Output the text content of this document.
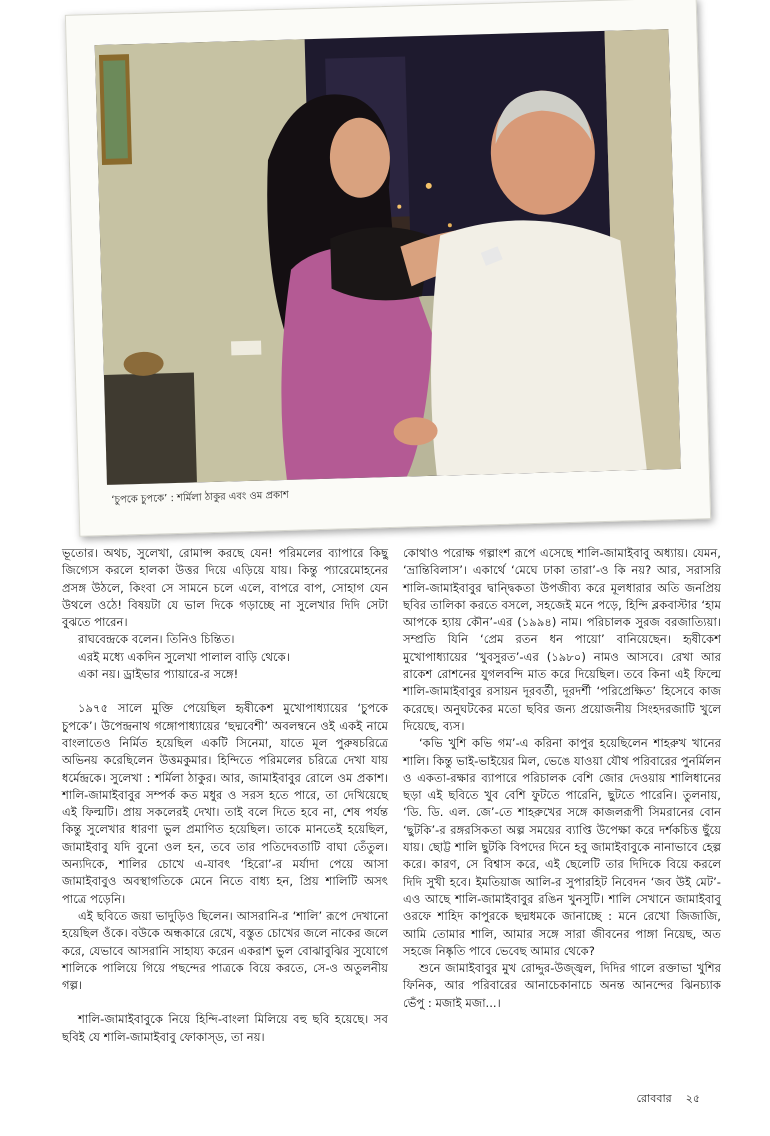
‘চুপকে চুপকে’ : শর্মিলা ঠাকুর এবং ওম প্রকাশ

ভূতোর। অথচ, সুলেখা, রোমান্স করছে যেন! পরিমলের ব্যাপারে কিছু জিগ্যেস করলে হালকা উত্তর দিয়ে এড়িয়ে যায়। কিন্তু প্যারেমোহনের প্রসঙ্গ উঠলে, কিংবা সে সামনে চলে এলে, বাপরে বাপ, সোহাগ যেন উথলে ওঠে! বিষয়টা যে ভাল দিকে গড়াচ্ছে না সুলেখার দিদি সেটা বুঝতে পারেন।

রাঘবেন্দ্রকে বলেন। তিনিও চিন্তিত।

এরই মধ্যে একদিন সুলেখা পালাল বাড়ি থেকে।

একা নয়। ড্রাইভার প্যায়ারে-র সঙ্গে!

১৯৭৫ সালে মুক্তি পেয়েছিল হৃষীকেশ মুখোপাধ্যায়ের ‘চুপকে চুপকে’। উপেন্দ্রনাথ গঙ্গোপাধ্যায়ের ‘ছদ্মবেশী’ অবলম্বনে ওই একই নামে বাংলাতেও নির্মিত হয়েছিল একটি সিনেমা, যাতে মূল পুরুষচরিত্রে অভিনয় করেছিলেন উত্তমকুমার। হিন্দিতে পরিমলের চরিত্রে দেখা যায় ধর্মেন্দ্রকে। সুলেখা : শর্মিলা ঠাকুর। আর, জামাইবাবুর রোলে ওম প্রকাশ। শালি-জামাইবাবুর সম্পর্ক কত মধুর ও সরস হতে পারে, তা দেখিয়েছে এই ফিল্মটি। প্রায় সকলেরই দেখা। তাই বলে দিতে হবে না, শেষ পর্যন্ত কিন্তু সুলেখার ধারণা ভুল প্রমাণিত হয়েছিল। তাকে মানতেই হয়েছিল, জামাইবাবু যদি বুনো ওল হন, তবে তার পতিদেবতাটি বাঘা তেঁতুল। অন্যদিকে, শালির চোখে এ-যাবৎ ‘হিরো’-র মর্যাদা পেয়ে আসা জামাইবাবুও অবস্থাগতিকে মেনে নিতে বাধ্য হন, প্রিয় শালিটি অসৎ পাত্রে পড়েনি।

এই ছবিতে জয়া ভাদুড়িও ছিলেন। আসরানি-র ‘শালি’ রূপে দেখানো হয়েছিল ওঁকে। বউকে অন্ধকারে রেখে, বস্তুত চোখের জলে নাকের জলে করে, যেভাবে আসরানি সাহায্য করেন একরাশ ভুল বোঝাবুঝির সুযোগে শালিকে পালিয়ে গিয়ে পছন্দের পাত্রকে বিয়ে করতে, সে-ও অতুলনীয় গল্প।

শালি-জামাইবাবুকে নিয়ে হিন্দি-বাংলা মিলিয়ে বহু ছবি হয়েছে। সব ছবিই যে শালি-জামাইবাবু ফোকাস্‌ড, তা নয়।

কোথাও পরোক্ষ গল্পাংশ রূপে এসেছে শালি-জামাইবাবু অধ্যায়। যেমন, ‘ভ্রান্তিবিলাস’। একার্থে ‘মেঘে ঢাকা তারা’-ও কি নয়? আর, সরাসরি শালি-জামাইবাবুর দ্বান্দ্বিকতা উপজীব্য করে মূলধারার অতি জনপ্রিয় ছবির তালিকা করতে বসলে, সহজেই মনে পড়ে, হিন্দি ব্লকবাস্টার ‘হাম আপকে হ্যায় কৌন’-এর (১৯৯৪) নাম। পরিচালক সুরজ বরজাত্যিয়া। সম্প্রতি যিনি ‘প্রেম রতন ধন পায়ো’ বানিয়েছেন। হৃষীকেশ মুখোপাধ্যায়ের ‘খুবসুরত’-এর (১৯৮০) নামও আসবে। রেখা আর রাকেশ রোশনের যুগলবন্দি মাত করে দিয়েছিল। তবে কিনা এই ফিল্মে শালি-জামাইবাবুর রসায়ন দূরবর্তী, দূরদর্শী ‘পরিপ্রেক্ষিত’ হিসেবে কাজ করেছে। অনুঘটকের মতো ছবির জন্য প্রয়োজনীয় সিংহদরজাটি খুলে দিয়েছে, ব্যস।

‘কভি খুশি কভি গম’-এ করিনা কাপুর হয়েছিলেন শাহরুখ খানের শালি। কিন্তু ভাই-ভাইয়ের মিল, ভেঙে যাওয়া যৌথ পরিবারের পুনর্মিলন ও একতা-রক্ষার ব্যাপারে পরিচালক বেশি জোর দেওয়ায় শালিধানের ছড়া এই ছবিতে খুব বেশি ফুটতে পারেনি, ছুটতে পারেনি। তুলনায়, ‘ডি. ডি. এল. জে’-তে শাহরুখের সঙ্গে কাজলরূপী সিমরানের বোন ‘ছুটকি’-র রঙ্গরসিকতা অল্প সময়ের ব্যাপ্তি উপেক্ষা করে দর্শকচিত্ত ছুঁয়ে যায়। ছোট্ট শালি ছুটকি বিপদের দিনে হবু জামাইবাবুকে নানাভাবে হেল্প করে। কারণ, সে বিশ্বাস করে, এই ছেলেটি তার দিদিকে বিয়ে করলে দিদি সুখী হবে। ইমতিয়াজ আলি-র সুপারহিট নিবেদন ‘জব উই মেট’-এও আছে শালি-জামাইবাবুর রঙিন খুনসুটি। শালি সেখানে জামাইবাবু ওরফে শাহিদ কাপুরকে ছদ্মধমকে জানাচ্ছে : মনে রেখো জিজাজি, আমি তোমার শালি, আমার সঙ্গে সারা জীবনের পাঙ্গা নিয়েছ, অত সহজে নিষ্কৃতি পাবে ভেবেছ আমার থেকে?

শুনে জামাইবাবুর মুখ রোদ্দুর-উজ্জ্বল, দিদির গালে রক্তাভা খুশির ফিনিক, আর পরিবারের আনাচেকানাচে অনন্ত আনন্দের ঝিনচ্যাক ভেঁপু : মজাই মজা...।

রোববার ২৫
